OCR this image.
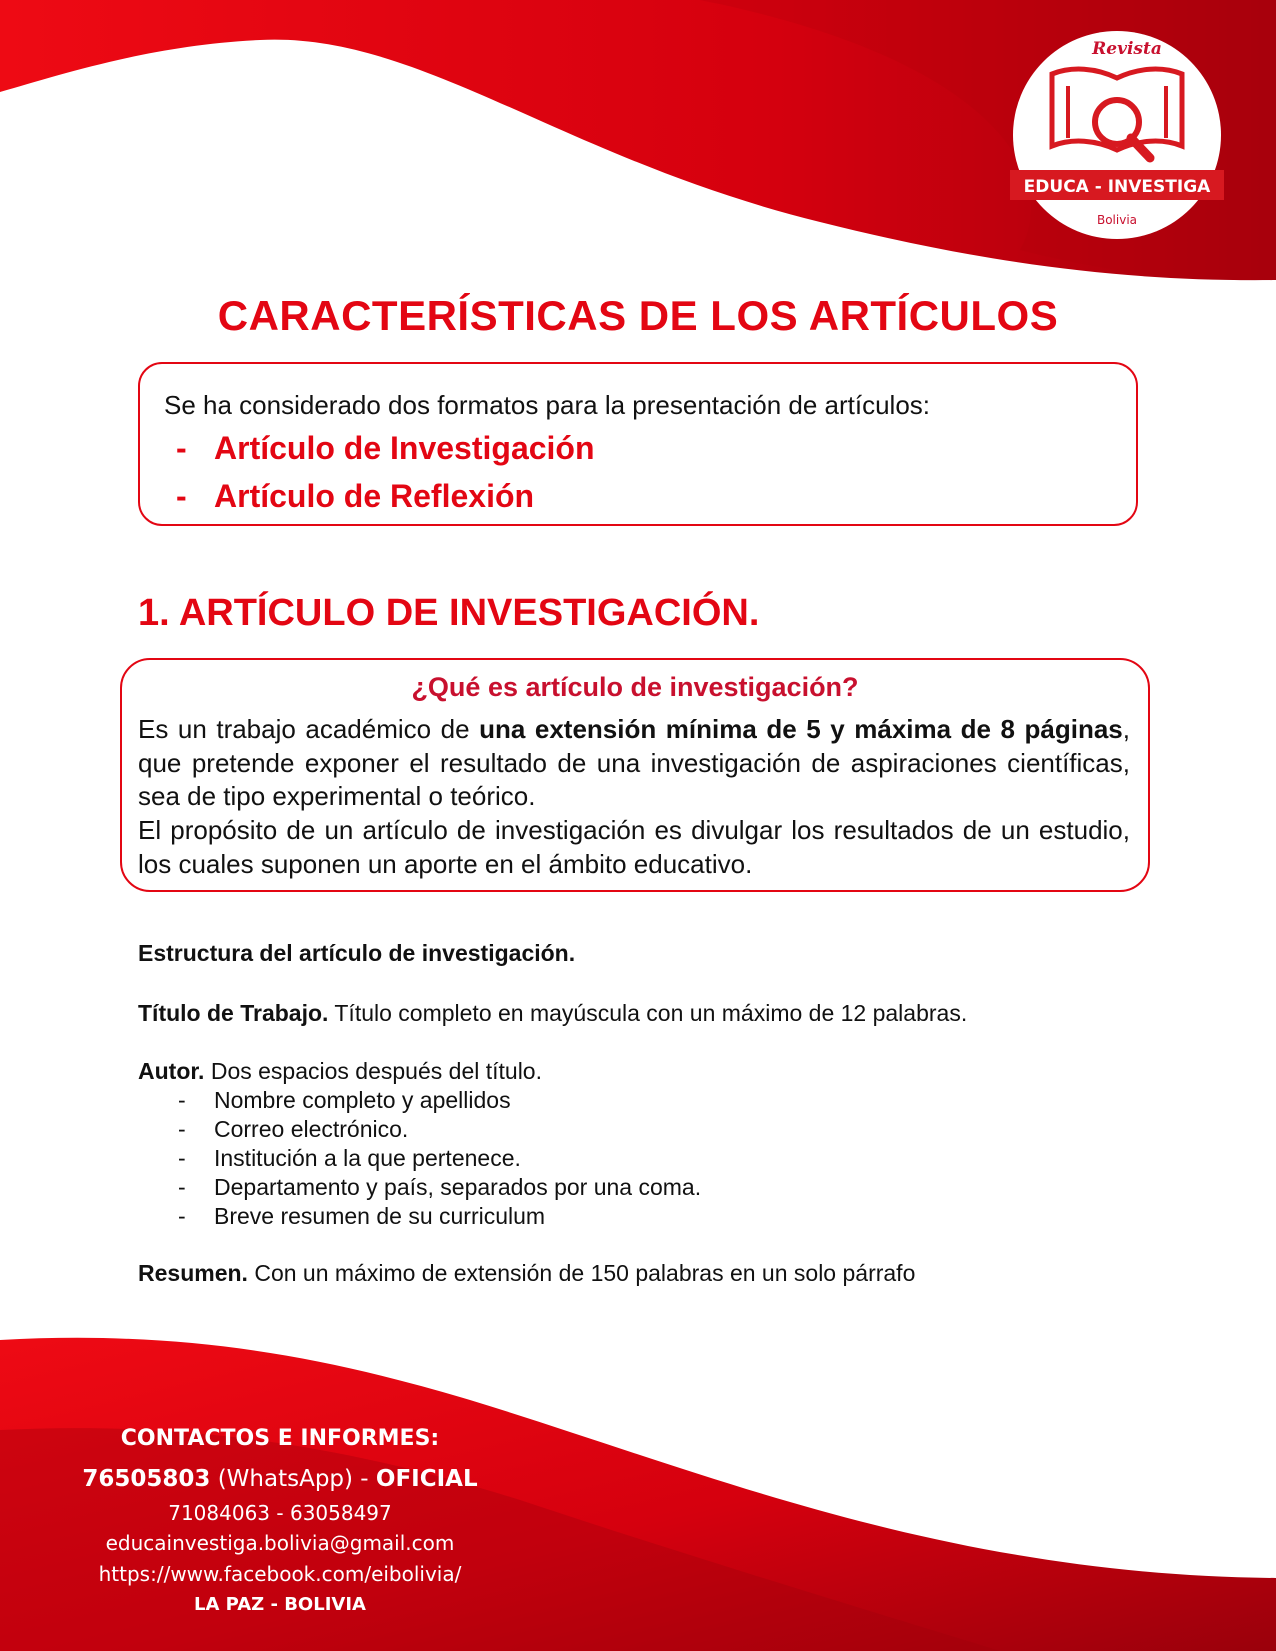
Revista
EDUCA - INVESTIGA
Bolivia
CARACTERÍSTICAS DE LOS ARTÍCULOS
Se ha considerado dos formatos para la presentación de artículos:
- Artículo de Investigación
- Artículo de Reflexión
1. ARTÍCULO DE INVESTIGACIÓN.
¿Qué es artículo de investigación?
Es un trabajo académico de una extensión mínima de 5 y máxima de 8 páginas, que pretende exponer el resultado de una investigación de aspiraciones científicas, sea de tipo experimental o teórico.
El propósito de un artículo de investigación es divulgar los resultados de un estudio, los cuales suponen un aporte en el ámbito educativo.
Estructura del artículo de investigación.
Título de Trabajo. Título completo en mayúscula con un máximo de 12 palabras.
Autor. Dos espacios después del título.
- Nombre completo y apellidos
- Correo electrónico.
- Institución a la que pertenece.
- Departamento y país, separados por una coma.
- Breve resumen de su curriculum
Resumen. Con un máximo de extensión de 150 palabras en un solo párrafo
CONTACTOS E INFORMES:
76505803 (WhatsApp) - OFICIAL
71084063 - 63058497
educainvestiga.bolivia@gmail.com
https://www.facebook.com/eibolivia/
LA PAZ - BOLIVIA
